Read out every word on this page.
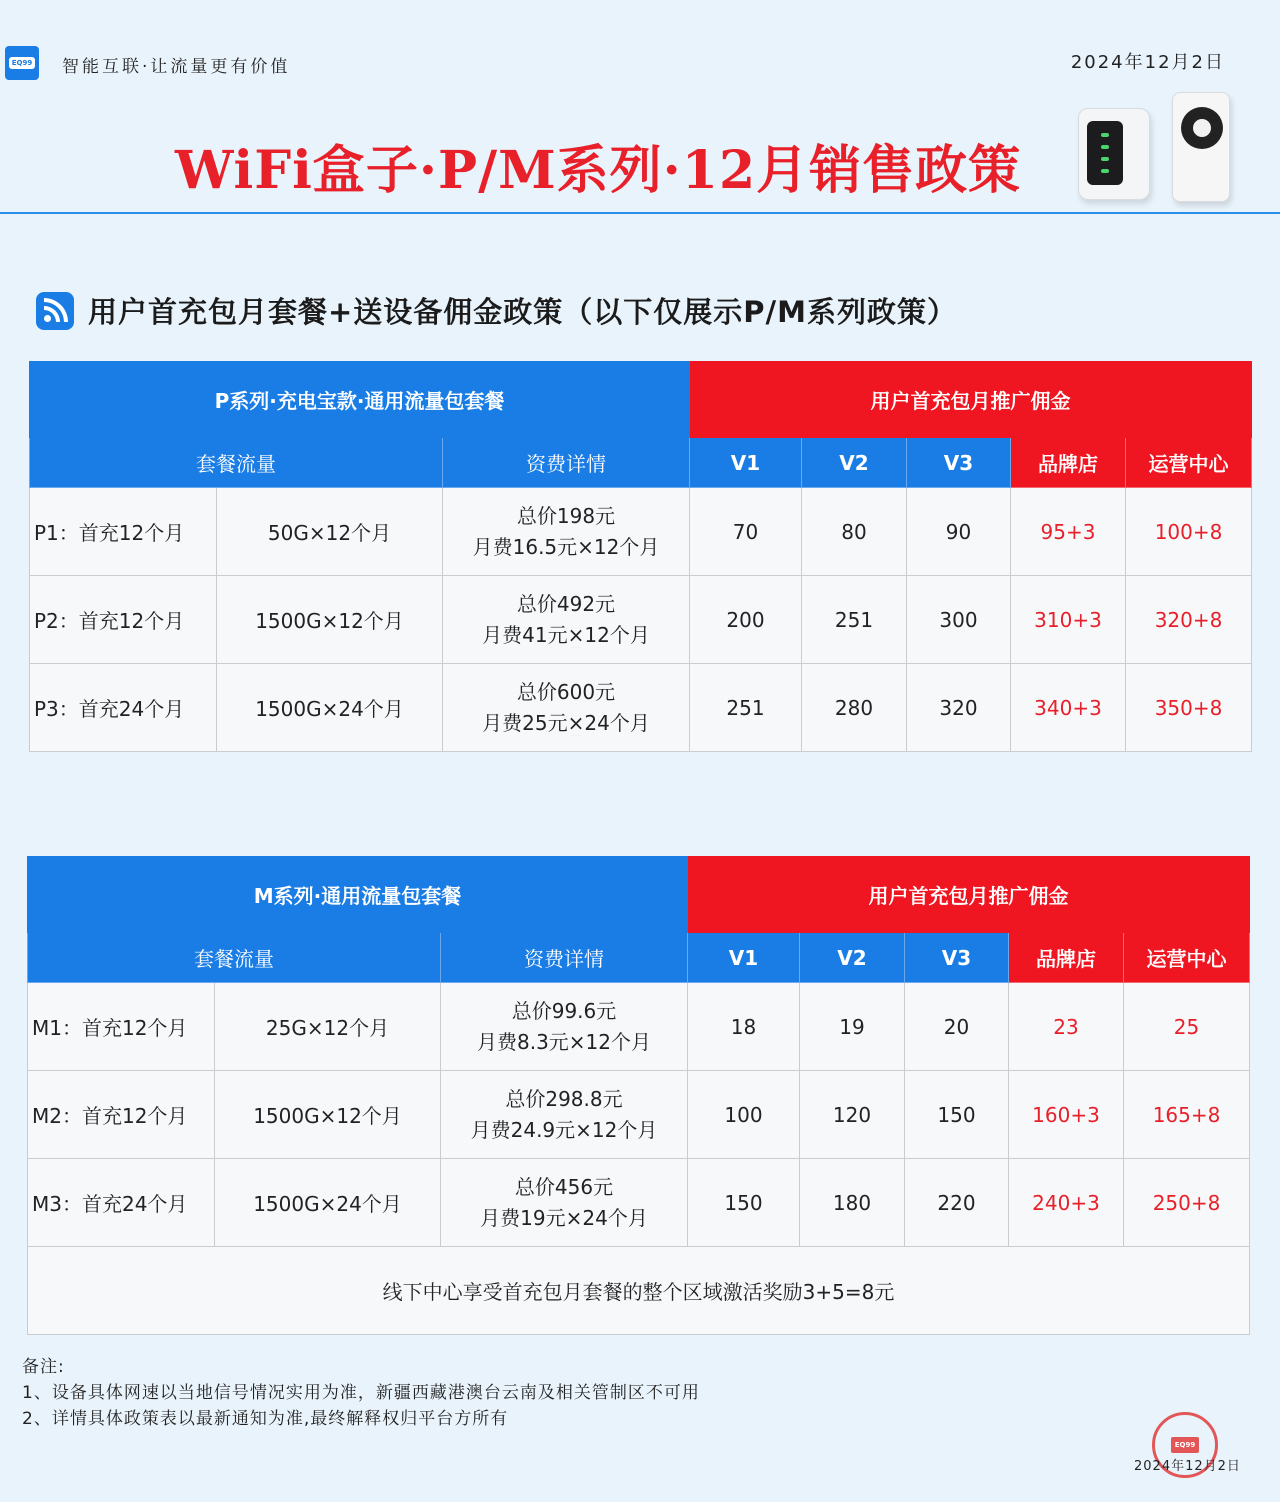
EQ99 智能互联·让流量更有价值	2024年12月2日
WiFi盒子·P/M系列·12月销售政策
用户首充包月套餐+送设备佣金政策（以下仅展示P/M系列政策）
P系列·充电宝款·通用流量包套餐			用户首充包月推广佣金				
套餐流量		资费详情	V1	V2	V3	品牌店	运营中心
P1：首充12个月	50G×12个月	总价198元
月费16.5元×12个月	70	80	90	95+3	100+8
P2：首充12个月	1500G×12个月	总价492元
月费41元×12个月	200	251	300	310+3	320+8
P3：首充24个月	1500G×24个月	总价600元
月费25元×24个月	251	280	320	340+3	350+8
M系列·通用流量包套餐			用户首充包月推广佣金				
套餐流量		资费详情	V1	V2	V3	品牌店	运营中心
M1：首充12个月	25G×12个月	总价99.6元
月费8.3元×12个月	18	19	20	23	25
M2：首充12个月	1500G×12个月	总价298.8元
月费24.9元×12个月	100	120	150	160+3	165+8
M3：首充24个月	1500G×24个月	总价456元
月费19元×24个月	150	180	220	240+3	250+8
线下中心享受首充包月套餐的整个区域激活奖励3+5=8元							
备注:
1、设备具体网速以当地信号情况实用为准，新疆西藏港澳台云南及相关管制区不可用
2、详情具体政策表以最新通知为准,最终解释权归平台方所有
EQ99
2024年12月2日
